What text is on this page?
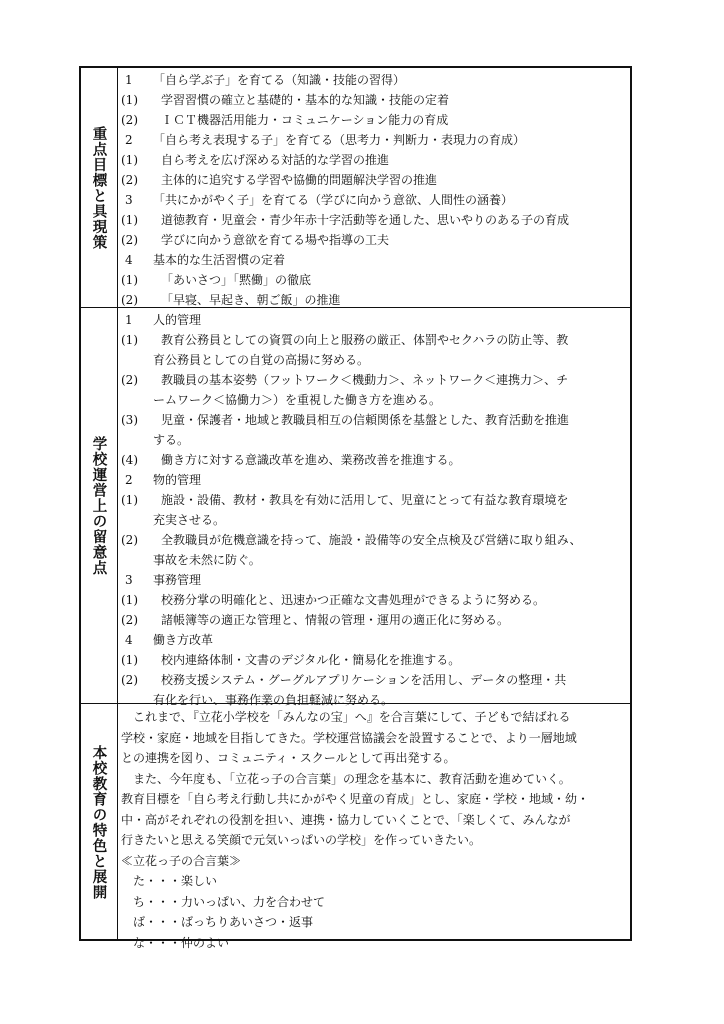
重点目標と具現策
1 「自ら学ぶ子」を育てる（知識・技能の習得）
(1) 学習習慣の確立と基礎的・基本的な知識・技能の定着
(2) ＩＣＴ機器活用能力・コミュニケーション能力の育成
2 「自ら考え表現する子」を育てる（思考力・判断力・表現力の育成）
(1) 自ら考えを広げ深める対話的な学習の推進
(2) 主体的に追究する学習や協働的問題解決学習の推進
3 「共にかがやく子」を育てる（学びに向かう意欲、人間性の涵養）
(1) 道徳教育・児童会・青少年赤十字活動等を通した、思いやりのある子の育成
(2) 学びに向かう意欲を育てる場や指導の工夫
4 基本的な生活習慣の定着
(1) 「あいさつ」「黙働」の徹底
(2) 「早寝、早起き、朝ご飯」の推進
学校運営上の留意点
1 人的管理
(1) 教育公務員としての資質の向上と服務の厳正、体罰やセクハラの防止等、教
育公務員としての自覚の高揚に努める。
(2) 教職員の基本姿勢（フットワーク＜機動力＞、ネットワーク＜連携力＞、チ
ームワーク＜協働力＞）を重視した働き方を進める。
(3) 児童・保護者・地域と教職員相互の信頼関係を基盤とした、教育活動を推進
する。
(4) 働き方に対する意識改革を進め、業務改善を推進する。
2 物的管理
(1) 施設・設備、教材・教具を有効に活用して、児童にとって有益な教育環境を
充実させる。
(2) 全教職員が危機意識を持って、施設・設備等の安全点検及び営繕に取り組み、
事故を未然に防ぐ。
3 事務管理
(1) 校務分掌の明確化と、迅速かつ正確な文書処理ができるように努める。
(2) 諸帳簿等の適正な管理と、情報の管理・運用の適正化に努める。
4 働き方改革
(1) 校内連絡体制・文書のデジタル化・簡易化を推進する。
(2) 校務支援システム・グーグルアプリケーションを活用し、データの整理・共
有化を行い、事務作業の負担軽減に努める。
本校教育の特色と展開
　これまで、『立花小学校を「みんなの宝」へ』を合言葉にして、子どもで結ばれる
学校・家庭・地域を目指してきた。学校運営協議会を設置することで、より一層地域
との連携を図り、コミュニティ・スクールとして再出発する。
　また、今年度も、「立花っ子の合言葉」の理念を基本に、教育活動を進めていく。
教育目標を「自ら考え行動し共にかがやく児童の育成」とし、家庭・学校・地域・幼・
中・高がそれぞれの役割を担い、連携・協力していくことで、「楽しくて、みんなが
行きたいと思える笑顔で元気いっぱいの学校」を作っていきたい。
≪立花っ子の合言葉≫
　た・・・楽しい
　ち・・・力いっぱい、力を合わせて
　ば・・・ばっちりあいさつ・返事
　な・・・仲のよい
